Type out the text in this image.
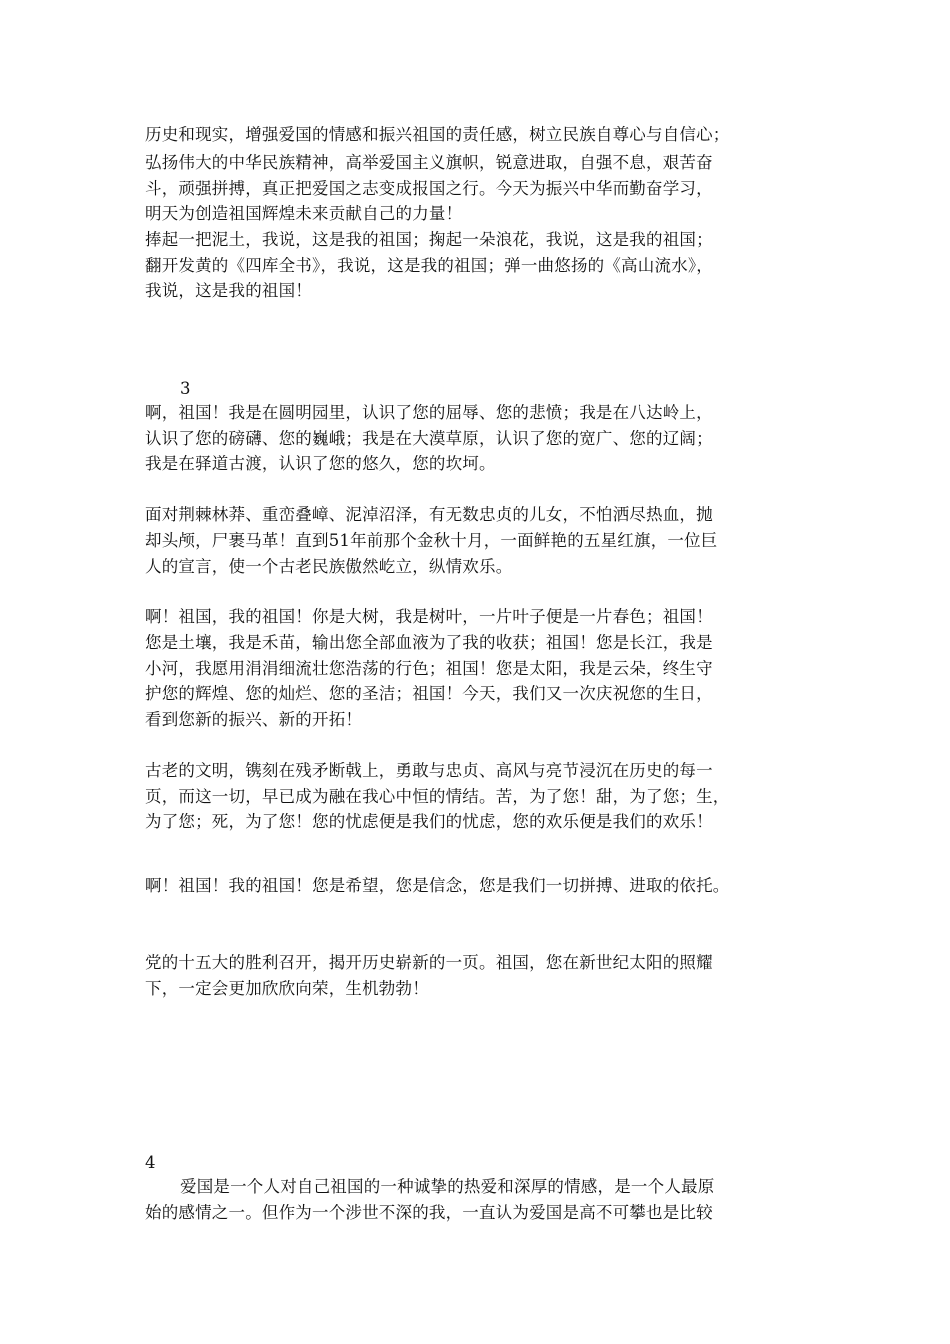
历史和现实，增强爱国的情感和振兴祖国的责任感，树立民族自尊心与自信心；
弘扬伟大的中华民族精神，高举爱国主义旗帜，锐意进取，自强不息，艰苦奋
斗，顽强拼搏，真正把爱国之志变成报国之行。今天为振兴中华而勤奋学习，
明天为创造祖国辉煌未来贡献自己的力量！
捧起一把泥土，我说，这是我的祖国；掬起一朵浪花，我说，这是我的祖国；
翻开发黄的《四库全书》，我说，这是我的祖国；弹一曲悠扬的《高山流水》，
我说，这是我的祖国！
3
啊，祖国！我是在圆明园里，认识了您的屈辱、您的悲愤；我是在八达岭上，
认识了您的磅礴、您的巍峨；我是在大漠草原，认识了您的宽广、您的辽阔；
我是在驿道古渡，认识了您的悠久，您的坎坷。
面对荆棘林莽、重峦叠嶂、泥淖沼泽，有无数忠贞的儿女，不怕洒尽热血，抛
却头颅，尸裹马革！直到51年前那个金秋十月，一面鲜艳的五星红旗，一位巨
人的宣言，使一个古老民族傲然屹立，纵情欢乐。
啊！祖国，我的祖国！你是大树，我是树叶，一片叶子便是一片春色；祖国！
您是土壤，我是禾苗，输出您全部血液为了我的收获；祖国！您是长江，我是
小河，我愿用涓涓细流壮您浩荡的行色；祖国！您是太阳，我是云朵，终生守
护您的辉煌、您的灿烂、您的圣洁；祖国！今天，我们又一次庆祝您的生日，
看到您新的振兴、新的开拓！
古老的文明，镌刻在残矛断戟上，勇敢与忠贞、高风与亮节浸沉在历史的每一
页，而这一切，早已成为融在我心中恒的情结。苦，为了您！甜，为了您；生，
为了您；死，为了您！您的忧虑便是我们的忧虑，您的欢乐便是我们的欢乐！
啊！祖国！我的祖国！您是希望，您是信念，您是我们一切拼搏、进取的依托。
党的十五大的胜利召开，揭开历史崭新的一页。祖国，您在新世纪太阳的照耀
下，一定会更加欣欣向荣，生机勃勃！
4
爱国是一个人对自己祖国的一种诚挚的热爱和深厚的情感，是一个人最原
始的感情之一。但作为一个涉世不深的我，一直认为爱国是高不可攀也是比较
